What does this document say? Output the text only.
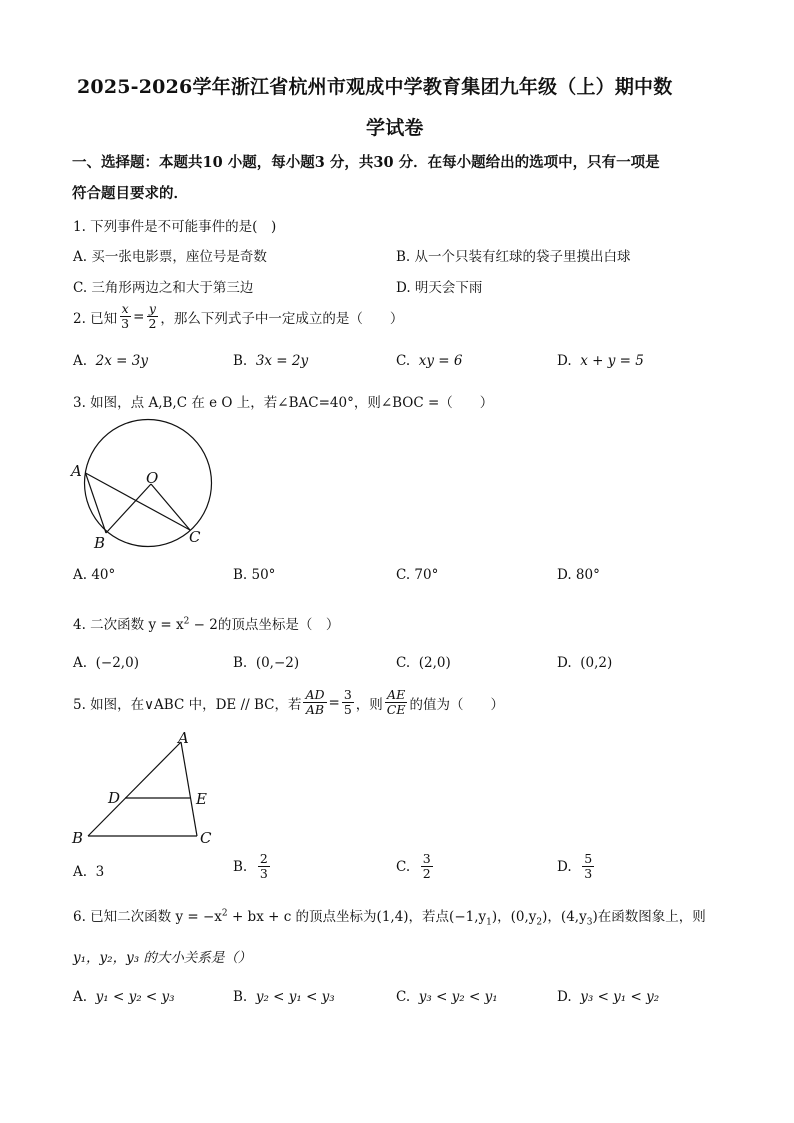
2025-2026学年浙江省杭州市观成中学教育集团九年级（上）期中数
学试卷
一、选择题：本题共10 小题，每小题3 分，共30 分．在每小题给出的选项中，只有一项是
符合题目要求的．
1. 下列事件是不可能事件的是(　)
A. 买一张电影票，座位号是奇数	B. 从一个只装有红球的袋子里摸出白球
C. 三角形两边之和大于第三边	D. 明天会下雨
2. 已知 $\frac{x}{3} = \frac{y}{2}$ ，那么下列式子中一定成立的是（　　）
A. 2x = 3y	B. 3x = 2y	C. xy = 6	D. x + y = 5
3. 如图，点 A,B,C 在 e O 上，若∠BAC=40°，则∠BOC =（　　）
A	O
B	C
A. 40°	B. 50°	C. 70°	D. 80°
4. 二次函数 $y = x^2 - 2$的顶点坐标是（　）
A. (−2,0)	B. (0,−2)	C. (2,0)	D. (0,2)
5. 如图，在∨ABC 中，DE // BC，若 $\frac{AD}{AB} = \frac{3}{5}$ ，则 $\frac{AE}{CE}$ 的值为（　　）
A
D	E
B	C
A. 3	B.
$\frac{2}{3}$	C.
$\frac{3}{2}$	D.
$\frac{5}{3}$
6. 已知二次函数 $y = -x^2$ + bx + c 的顶点坐标为(1,4)，若点$(-1,y_1)$，$(0,y_2)$，$(4,y_3)$在函数图象上，则
y₁，y₂，y₃ 的大小关系是（）
A. y₁ < y₂ < y₃	B. y₂ < y₁ < y₃	C. y₃ < y₂ < y₁	D. y₃ < y₁ < y₂
